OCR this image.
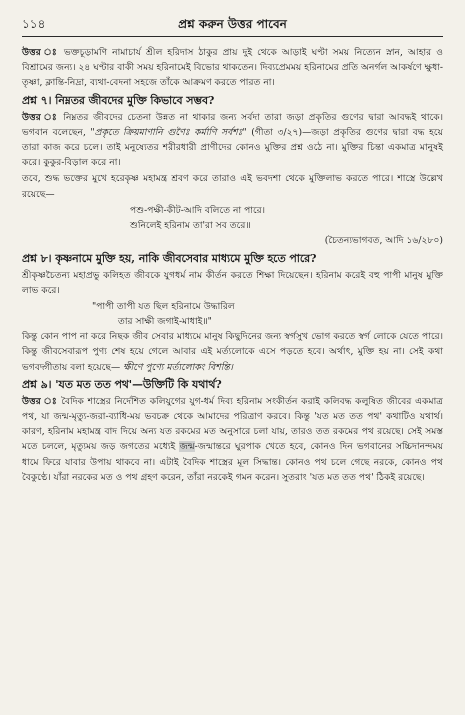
১১৪	প্রশ্ন করুন উত্তর পাবেন

উত্তর ঃ ভক্তচূড়ামণি নামাচার্য শ্রীল হরিদাস ঠাকুর প্রায় দুই থেকে আড়াই ঘণ্টা সময় নিত্যেন স্নান, আহার ও বিশ্রামের জন্য। ২৪ ঘণ্টার বাকী সময় হরিনামেই বিভোর থাকতেন। দিব্যপ্রেমময় হরিনামের প্রতি অনর্গল আকর্ষণে ক্ষুধা-তৃষ্ণা, ক্লান্তি-নিদ্রা, ব্যথা-বেদনা সহজে তাঁকে আক্রমণ করতে পারত না।

প্রশ্ন ৭। নিম্নতর জীবদের মুক্তি কিভাবে সম্ভব?

উত্তর ঃ নিম্নতর জীবদের চেতনা উন্নত না থাকার জন্য সর্বদা তারা জড়া প্রকৃতির গুণের দ্বারা আবদ্ধই থাকে। ভগবান বলেছেন, "প্রকৃতে ক্রিয়মাণানি গুণৈঃ কর্মাণি সর্বশঃ" (গীতা ৩/২৭)—জড়া প্রকৃতির গুণের দ্বারা বদ্ধ হয়ে তারা কাজ করে চলে। তাই মনুষ্যেতর শরীরধারী প্রাণীদের কোনও মুক্তির প্রশ্ন ওঠে না। মুক্তির চিন্তা একমাত্র মানুষই করে। কুকুর-বিড়াল করে না।

তবে, শুদ্ধ ভক্তের মুখে হরেকৃষ্ণ মহামন্ত্র শ্রবণ করে তারাও এই ভবদশা থেকে মুক্তিলাভ করতে পারে। শাস্ত্রে উল্লেখ রয়েছে—

পশু-পক্ষী-কীট-আদি বলিতে না পারে।

শুনিলেই হরিনাম তা'রা সব তরে॥

(চৈতন্যভাগবত, আদি ১৬/২৮০)

প্রশ্ন ৮। কৃষ্ণনামে মুক্তি হয়, নাকি জীবসেবার মাধ্যমে মুক্তি হতে পারে?

শ্রীকৃষ্ণচৈতন্য মহাপ্রভু কলিহত জীবকে যুগধর্ম নাম কীর্তন করতে শিক্ষা দিয়েছেন। হরিনাম করেই বহু পাপী মানুষ মুক্তি লাভ করে।

"পাপী তাপী যত ছিল হরিনামে উদ্ধারিল

তার সাক্ষী জগাই-মাধাই॥"

কিন্তু কোন পাপ না করে নিছক জীব সেবার মাধ্যমে মানুষ কিছুদিনের জন্য স্বর্গসুখ ভোগ করতে স্বর্গ লোকে যেতে পারে। কিন্তু জীবসেবারূপ পুণ্য শেষ হয়ে গেলে আবার এই মর্ত্যলোকে এসে পড়তে হবে। অর্থাৎ, মুক্তি হয় না। সেই কথা ভগবদ্গীতায় বলা হয়েছে— ক্ষীণে পুণ্যে মর্ত্যলোকং বিশন্তি।

প্রশ্ন ৯। 'যত মত তত পথ'—উক্তিটি কি যথার্থ?

উত্তর ঃ বৈদিক শাস্ত্রের নির্দেশিত কলিযুগের যুগ-ধর্ম দিব্য হরিনাম সংকীর্তন করাই কলিবদ্ধ কলুষিত জীবের একমাত্র পথ, যা জন্ম-মৃত্যু-জরা-ব্যাধি-ময় ভবচক্র থেকে আমাদের পরিত্রাণ করবে। কিন্তু 'যত মত তত পথ' কথাটিও যথার্থ। কারণ, হরিনাম মহামন্ত্র বাদ দিয়ে অন্য যত রকমের মত অনুসারে চলা যায়, তারও তত রকমের পথ রয়েছে। সেই সমস্ত মতে চললে, মৃত্যুময় জড় জগতের মধ্যেই জন্ম-জন্মান্তরে ঘুরপাক খেতে হবে, কোনও দিন ভগবানের সচ্চিদানন্দময় ধামে ফিরে যাবার উপায় থাকবে না। এটাই বৈদিক শাস্ত্রের মূল সিদ্ধান্ত। কোনও পথ চলে গেছে নরকে, কোনও পথ বৈকুণ্ঠে। যাঁরা নরকের মত ও পথ গ্রহণ করেন, তাঁরা নরকেই গমন করেন। সুতরাং 'যত মত তত পথ' ঠিকই রয়েছে।
